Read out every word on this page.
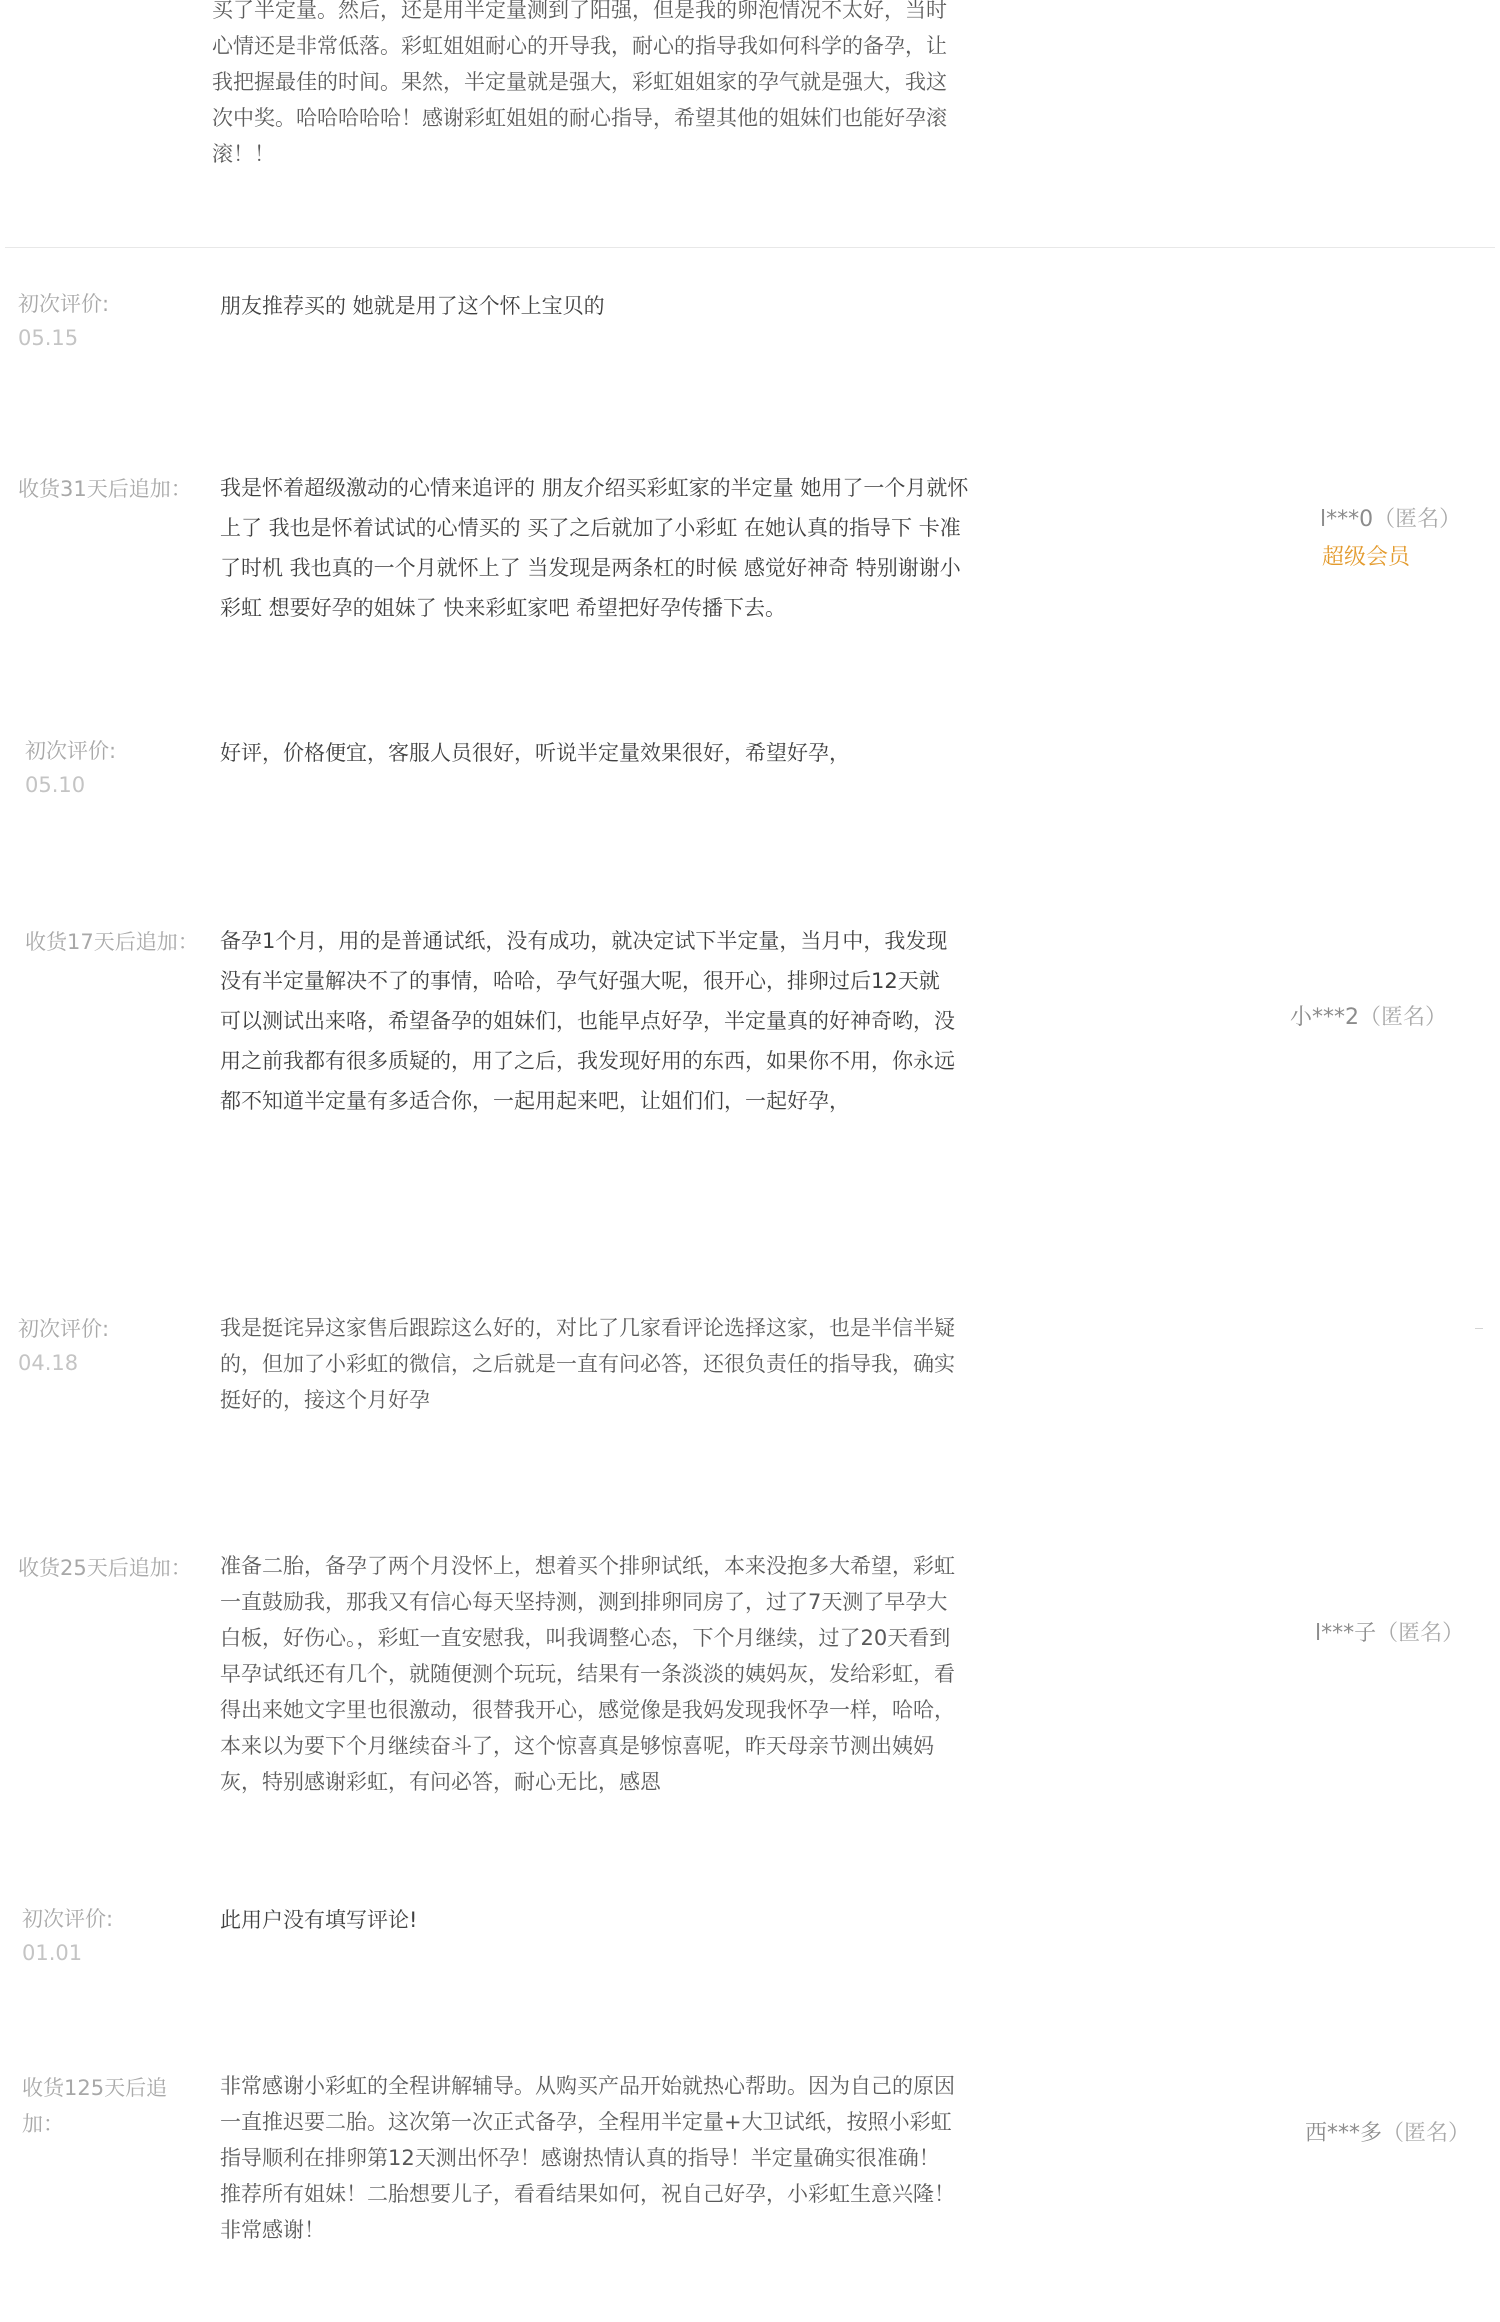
买了半定量。然后，还是用半定量测到了阳强，但是我的卵泡情况不太好，当时心情还是非常低落。彩虹姐姐耐心的开导我，耐心的指导我如何科学的备孕，让我把握最佳的时间。果然，半定量就是强大，彩虹姐姐家的孕气就是强大，我这次中奖。哈哈哈哈哈！感谢彩虹姐姐的耐心指导，希望其他的姐妹们也能好孕滚滚！！
初次评价:
05.15
朋友推荐买的 她就是用了这个怀上宝贝的
收货31天后追加： 我是怀着超级激动的心情来追评的 朋友介绍买彩虹家的半定量 她用了一个月就怀上了 我也是怀着试试的心情买的 买了之后就加了小彩虹 在她认真的指导下 卡准了时机 我也真的一个月就怀上了 当发现是两条杠的时候 感觉好神奇 特别谢谢小彩虹 想要好孕的姐妹了 快来彩虹家吧 希望把好孕传播下去。
l***0（匿名）
超级会员
初次评价:
05.10
好评，价格便宜，客服人员很好，听说半定量效果很好，希望好孕，
收货17天后追加： 备孕1个月，用的是普通试纸，没有成功，就决定试下半定量，当月中，我发现没有半定量解决不了的事情，哈哈，孕气好强大呢，很开心，排卵过后12天就可以测试出来咯，希望备孕的姐妹们，也能早点好孕，半定量真的好神奇哟，没用之前我都有很多质疑的，用了之后，我发现好用的东西，如果你不用，你永远都不知道半定量有多适合你，一起用起来吧，让姐们们，一起好孕，
小***2（匿名）
初次评价:
04.18
我是挺诧异这家售后跟踪这么好的，对比了几家看评论选择这家，也是半信半疑的，但加了小彩虹的微信，之后就是一直有问必答，还很负责任的指导我，确实挺好的，接这个月好孕
收货25天后追加： 准备二胎，备孕了两个月没怀上，想着买个排卵试纸，本来没抱多大希望，彩虹一直鼓励我，那我又有信心每天坚持测，测到排卵同房了，过了7天测了早孕大白板，好伤心。，彩虹一直安慰我，叫我调整心态，下个月继续，过了20天看到早孕试纸还有几个，就随便测个玩玩，结果有一条淡淡的姨妈灰，发给彩虹，看得出来她文字里也很激动，很替我开心，感觉像是我妈发现我怀孕一样，哈哈，本来以为要下个月继续奋斗了，这个惊喜真是够惊喜呢，昨天母亲节测出姨妈灰，特别感谢彩虹，有问必答，耐心无比，感恩
l***子（匿名）
初次评价:
01.01
此用户没有填写评论!
收货125天后追加：
非常感谢小彩虹的全程讲解辅导。从购买产品开始就热心帮助。因为自己的原因一直推迟要二胎。这次第一次正式备孕，全程用半定量+大卫试纸，按照小彩虹指导顺利在排卵第12天测出怀孕！感谢热情认真的指导！半定量确实很准确！推荐所有姐妹！二胎想要儿子，看看结果如何，祝自己好孕，小彩虹生意兴隆！非常感谢！
西***多（匿名）
